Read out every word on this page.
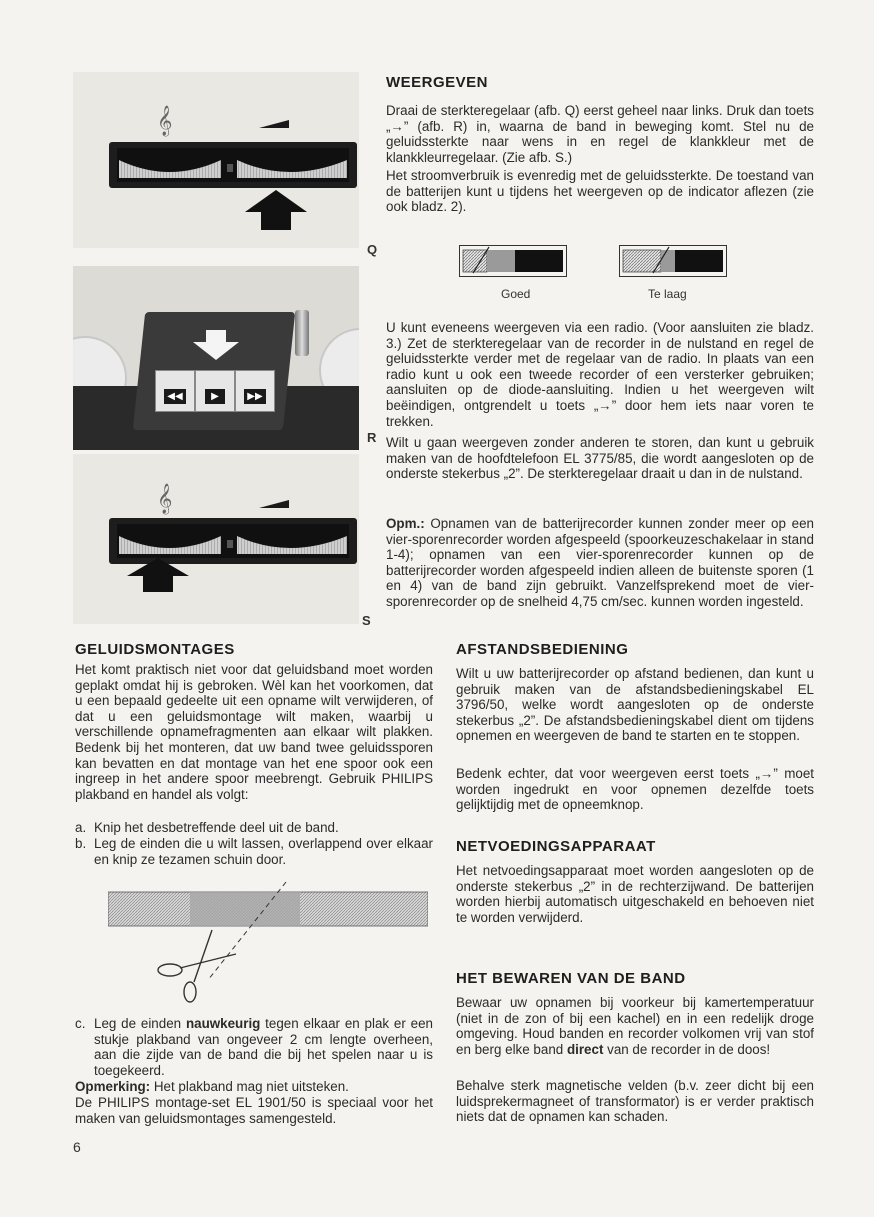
𝄞
Q
◀◀	▶	▶▶
R
𝄞
S
WEERGEVEN

Draai de sterkteregelaar (afb. Q) eerst geheel naar links. Druk dan toets „→” (afb. R) in, waarna de band in beweging komt. Stel nu de geluidssterkte naar wens in en regel de klankkleur met de klankkleurregelaar. (Zie afb. S.)

Het stroomverbruik is evenredig met de geluidssterkte. De toestand van de batterijen kunt u tijdens het weergeven op de indicator aflezen (zie ook bladz. 2).

Goed	Te laag

U kunt eveneens weergeven via een radio. (Voor aansluiten zie bladz. 3.) Zet de sterkteregelaar van de recorder in de nulstand en regel de geluidssterkte verder met de regelaar van de radio. In plaats van een radio kunt u ook een tweede recorder of een versterker gebruiken; aansluiten op de diode-aansluiting. Indien u het weergeven wilt beëindigen, ontgrendelt u toets „→” door hem iets naar voren te trekken.

Wilt u gaan weergeven zonder anderen te storen, dan kunt u gebruik maken van de hoofdtelefoon EL 3775/85, die wordt aangesloten op de onderste stekerbus „2”. De sterkteregelaar draait u dan in de nulstand.

Opm.: Opnamen van de batterijrecorder kunnen zonder meer op een vier-sporenrecorder worden afgespeeld (spoorkeuzeschakelaar in stand 1-4); opnamen van een vier-sporenrecorder kunnen op de batterijrecorder worden afgespeeld indien alleen de buitenste sporen (1 en 4) van de band zijn gebruikt. Vanzelfsprekend moet de vier-sporenrecorder op de snelheid 4,75 cm/sec. kunnen worden ingesteld.

GELUIDSMONTAGES

Het komt praktisch niet voor dat geluidsband moet worden geplakt omdat hij is gebroken. Wèl kan het voorkomen, dat u een bepaald gedeelte uit een opname wilt verwijderen, of dat u een geluidsmontage wilt maken, waarbij u verschillende opnamefragmenten aan elkaar wilt plakken. Bedenk bij het monteren, dat uw band twee geluidssporen kan bevatten en dat montage van het ene spoor ook een ingreep in het andere spoor meebrengt. Gebruik PHILIPS plakband en handel als volgt:

a. Knip het desbetreffende deel uit de band.

b. Leg de einden die u wilt lassen, overlappend over elkaar en knip ze tezamen schuin door.

c. Leg de einden nauwkeurig tegen elkaar en plak er een stukje plakband van ongeveer 2 cm lengte overheen, aan die zijde van de band die bij het spelen naar u is toegekeerd.

Opmerking: Het plakband mag niet uitsteken.

De PHILIPS montage-set EL 1901/50 is speciaal voor het maken van geluidsmontages samengesteld.

AFSTANDSBEDIENING

Wilt u uw batterijrecorder op afstand bedienen, dan kunt u gebruik maken van de afstandsbedieningskabel EL 3796/50, welke wordt aangesloten op de onderste stekerbus „2”. De afstandsbedieningskabel dient om tijdens opnemen en weergeven de band te starten en te stoppen.

Bedenk echter, dat voor weergeven eerst toets „→” moet worden ingedrukt en voor opnemen dezelfde toets gelijktijdig met de opneemknop.

NETVOEDINGSAPPARAAT

Het netvoedingsapparaat moet worden aangesloten op de onderste stekerbus „2” in de rechterzijwand. De batterijen worden hierbij automatisch uitgeschakeld en behoeven niet te worden verwijderd.

HET BEWAREN VAN DE BAND

Bewaar uw opnamen bij voorkeur bij kamertemperatuur (niet in de zon of bij een kachel) en in een redelijk droge omgeving. Houd banden en recorder volkomen vrij van stof en berg elke band direct van de recorder in de doos!

Behalve sterk magnetische velden (b.v. zeer dicht bij een luidsprekermagneet of transformator) is er verder praktisch niets dat de opnamen kan schaden.

6
